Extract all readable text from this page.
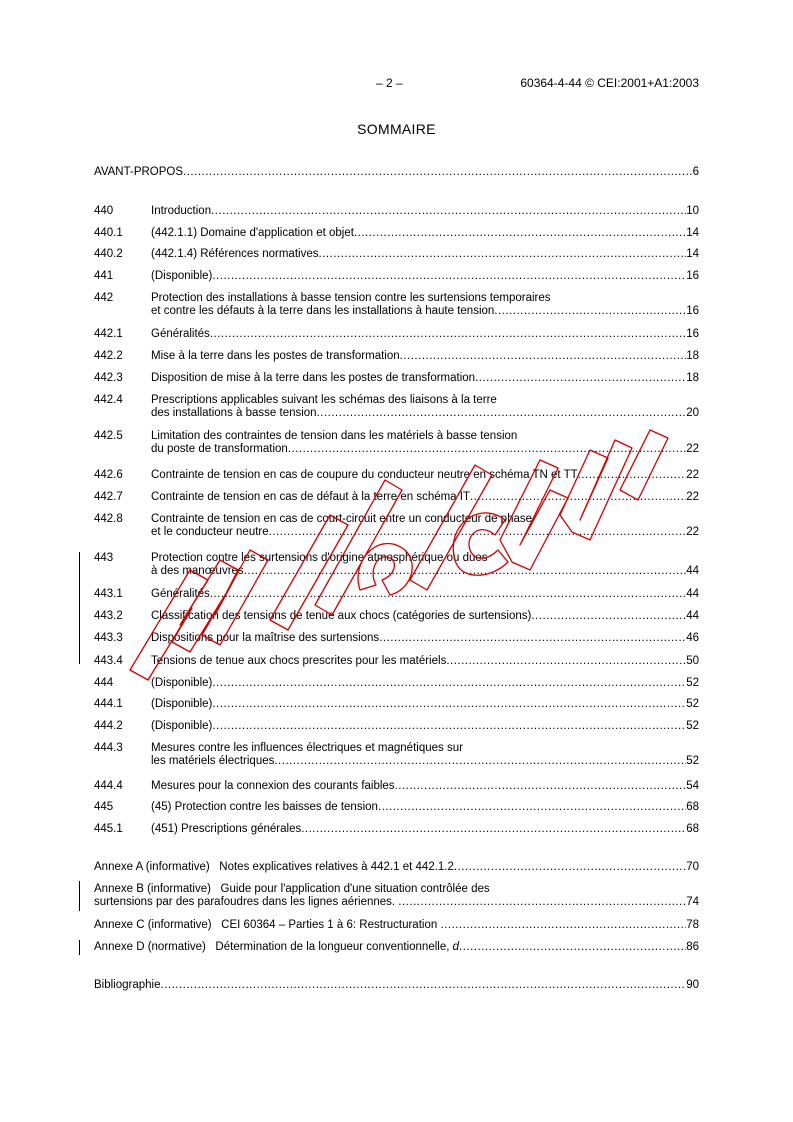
– 2 –	60364-4-44 © CEI:2001+A1:2003
SOMMAIRE
AVANT-PROPOS .....	6
440	Introduction .....	10
440.1 (442.1.1) Domaine d'application et objet .....	14
440.2 (442.1.4) Références normatives .....	14
441	(Disponible) .....	16
442	Protection des installations à basse tension contre les surtensions temporaires
et contre les défauts à la terre dans les installations à haute tension .....	16
442.1 Généralités .....	16
442.2 Mise à la terre dans les postes de transformation .....	18
442.3 Disposition de mise à la terre dans les postes de transformation .....	18
442.4 Prescriptions applicables suivant les schémas des liaisons à la terre
des installations à basse tension .....	20
442.5 Limitation des contraintes de tension dans les matériels à basse tension
du poste de transformation .....	22
442.6 Contrainte de tension en cas de coupure du conducteur neutre en schéma TN et TT .....	22
442.7 Contrainte de tension en cas de défaut à la terre en schéma IT .....	22
442.8 Contrainte de tension en cas de court-circuit entre un conducteur de phase
et le conducteur neutre .....	22
443	Protection contre les surtensions d'origine atmosphérique ou dues
à des manœuvres .....	44
443.1 Généralités .....	44
443.2 Classification des tensions de tenue aux chocs (catégories de surtensions) .....	44
443.3 Dispositions pour la maîtrise des surtensions .....	46
443.4 Tensions de tenue aux chocs prescrites pour les matériels .....	50
444	(Disponible) .....	52
444.1 (Disponible) .....	52
444.2 (Disponible) .....	52
444.3 Mesures contre les influences électriques et magnétiques sur
les matériels électriques .....	52
444.4 Mesures pour la connexion des courants faibles .....	54
445	(45) Protection contre les baisses de tension .....	68
445.1 (451) Prescriptions générales .....	68
Annexe A (informative)   Notes explicatives relatives à 442.1 et 442.1.2 .....	70
Annexe B (informative)   Guide pour l'application d'une situation contrôlée des
surtensions par des parafoudres dans les lignes aériennes. .....	74
Annexe C (informative)   CEI 60364 – Parties 1 à 6: Restructuration .....	78
Annexe D (normative)   Détermination de la longueur conventionnelle, d .....	86
Bibliographie .....	90
